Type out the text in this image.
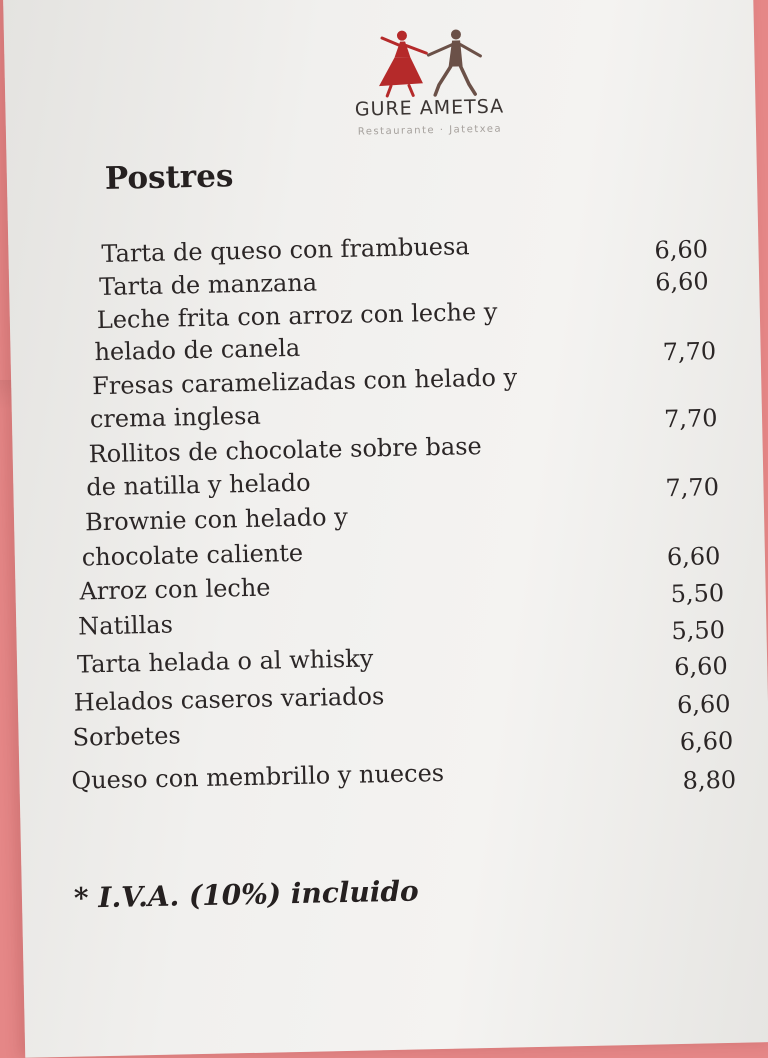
GURE AMETSA
Restaurante · Jatetxea
Postres
Tarta de queso con frambuesa	6,60
Tarta de manzana	6,60
Leche frita con arroz con leche y
helado de canela	7,70
Fresas caramelizadas con helado y
crema inglesa	7,70
Rollitos de chocolate sobre base
de natilla y helado	7,70
Brownie con helado y
chocolate caliente	6,60
Arroz con leche	5,50
Natillas	5,50
Tarta helada o al whisky	6,60
Helados caseros variados	6,60
Sorbetes	6,60
Queso con membrillo y nueces	8,80
* I.V.A. (10%) incluido
